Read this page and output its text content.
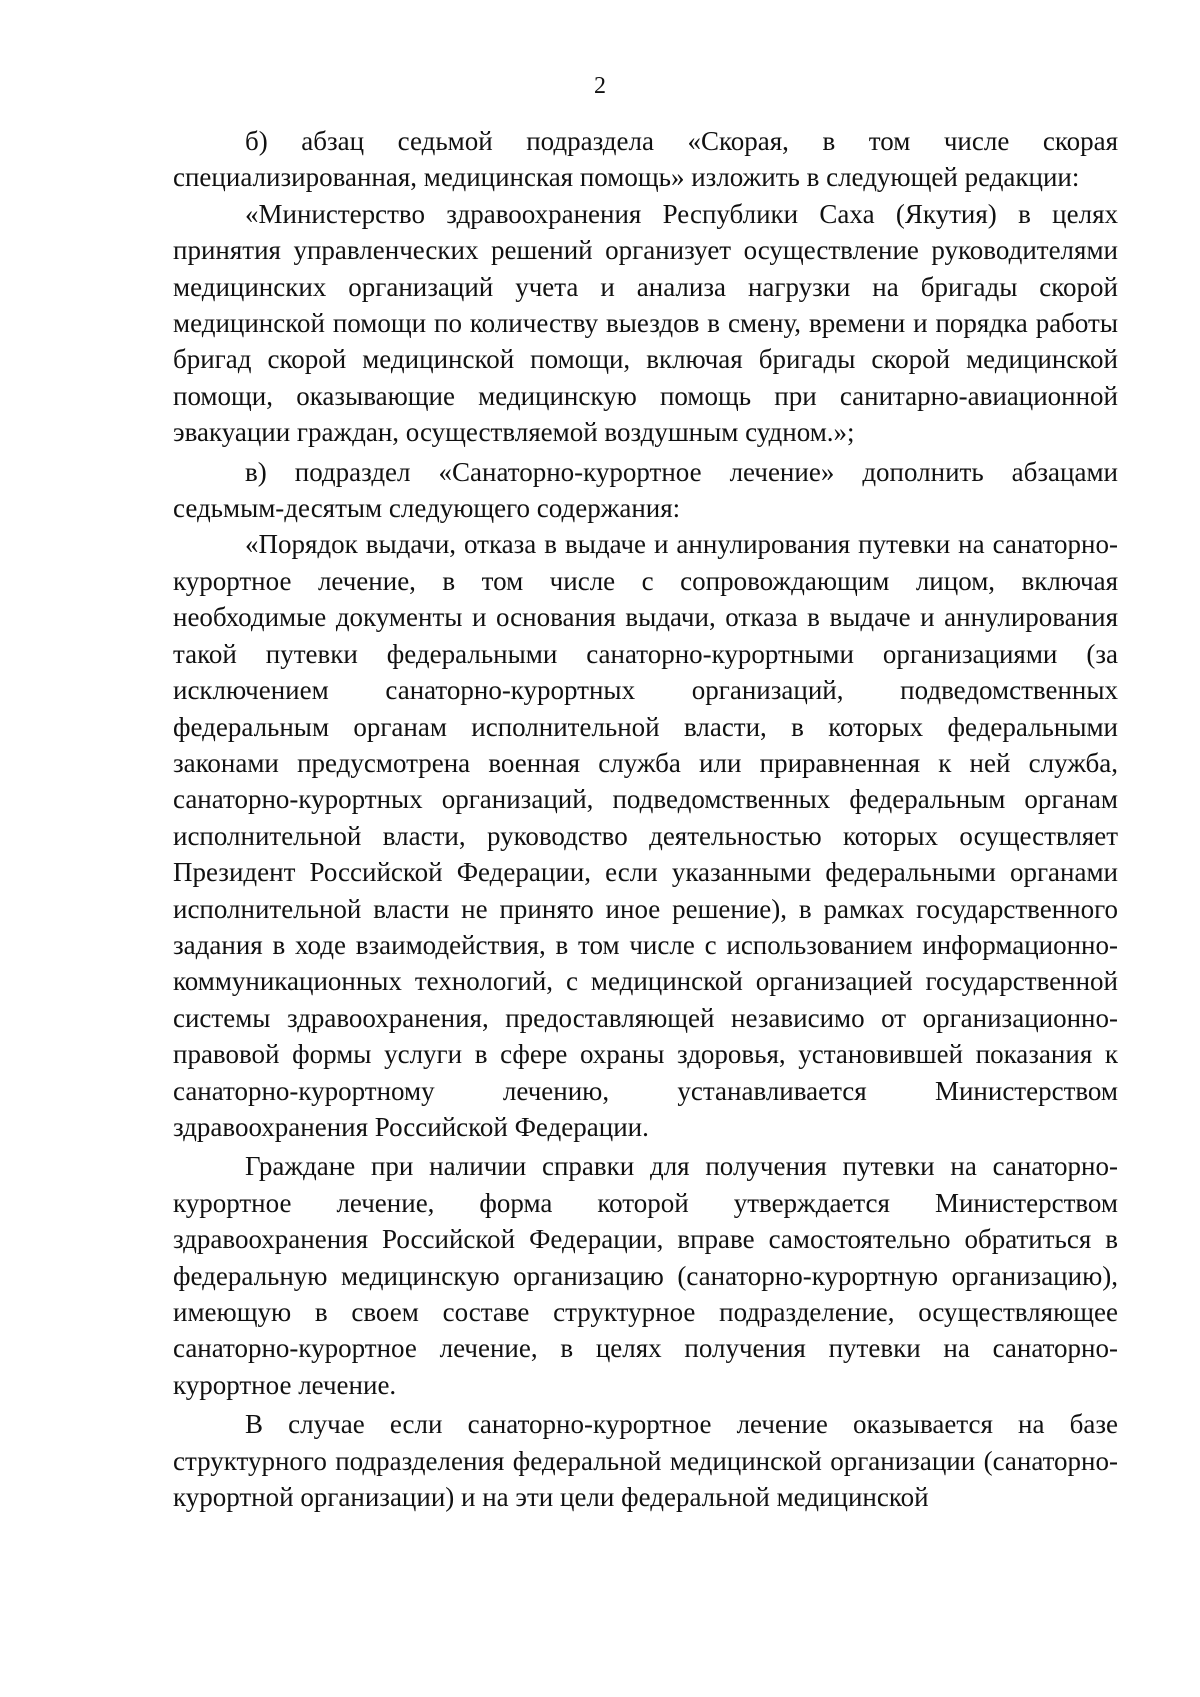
2

б) абзац седьмой подраздела «Скорая, в том числе скорая специализированная, медицинская помощь» изложить в следующей редакции:

«Министерство здравоохранения Республики Саха (Якутия) в целях принятия управленческих решений организует осуществление руководителями медицинских организаций учета и анализа нагрузки на бригады скорой медицинской помощи по количеству выездов в смену, времени и порядка работы бригад скорой медицинской помощи, включая бригады скорой медицинской помощи, оказывающие медицинскую помощь при санитарно-авиационной эвакуации граждан, осуществляемой воздушным судном.»;

в) подраздел «Санаторно-курортное лечение» дополнить абзацами седьмым-десятым следующего содержания:

«Порядок выдачи, отказа в выдаче и аннулирования путевки на санаторно-курортное лечение, в том числе с сопровождающим лицом, включая необходимые документы и основания выдачи, отказа в выдаче и аннулирования такой путевки федеральными санаторно-курортными организациями (за исключением санаторно-курортных организаций, подведомственных федеральным органам исполнительной власти, в которых федеральными законами предусмотрена военная служба или приравненная к ней служба, санаторно-курортных организаций, подведомственных федеральным органам исполнительной власти, руководство деятельностью которых осуществляет Президент Российской Федерации, если указанными федеральными органами исполнительной власти не принято иное решение), в рамках государственного задания в ходе взаимодействия, в том числе с использованием информационно-коммуникационных технологий, с медицинской организацией государственной системы здравоохранения, предоставляющей независимо от организационно-правовой формы услуги в сфере охраны здоровья, установившей показания к санаторно-курортному лечению, устанавливается Министерством здравоохранения Российской Федерации.

Граждане при наличии справки для получения путевки на санаторно-курортное лечение, форма которой утверждается Министерством здравоохранения Российской Федерации, вправе самостоятельно обратиться в федеральную медицинскую организацию (санаторно-курортную организацию), имеющую в своем составе структурное подразделение, осуществляющее санаторно-курортное лечение, в целях получения путевки на санаторно-курортное лечение.

В случае если санаторно-курортное лечение оказывается на базе структурного подразделения федеральной медицинской организации (санаторно-курортной организации) и на эти цели федеральной медицинской
